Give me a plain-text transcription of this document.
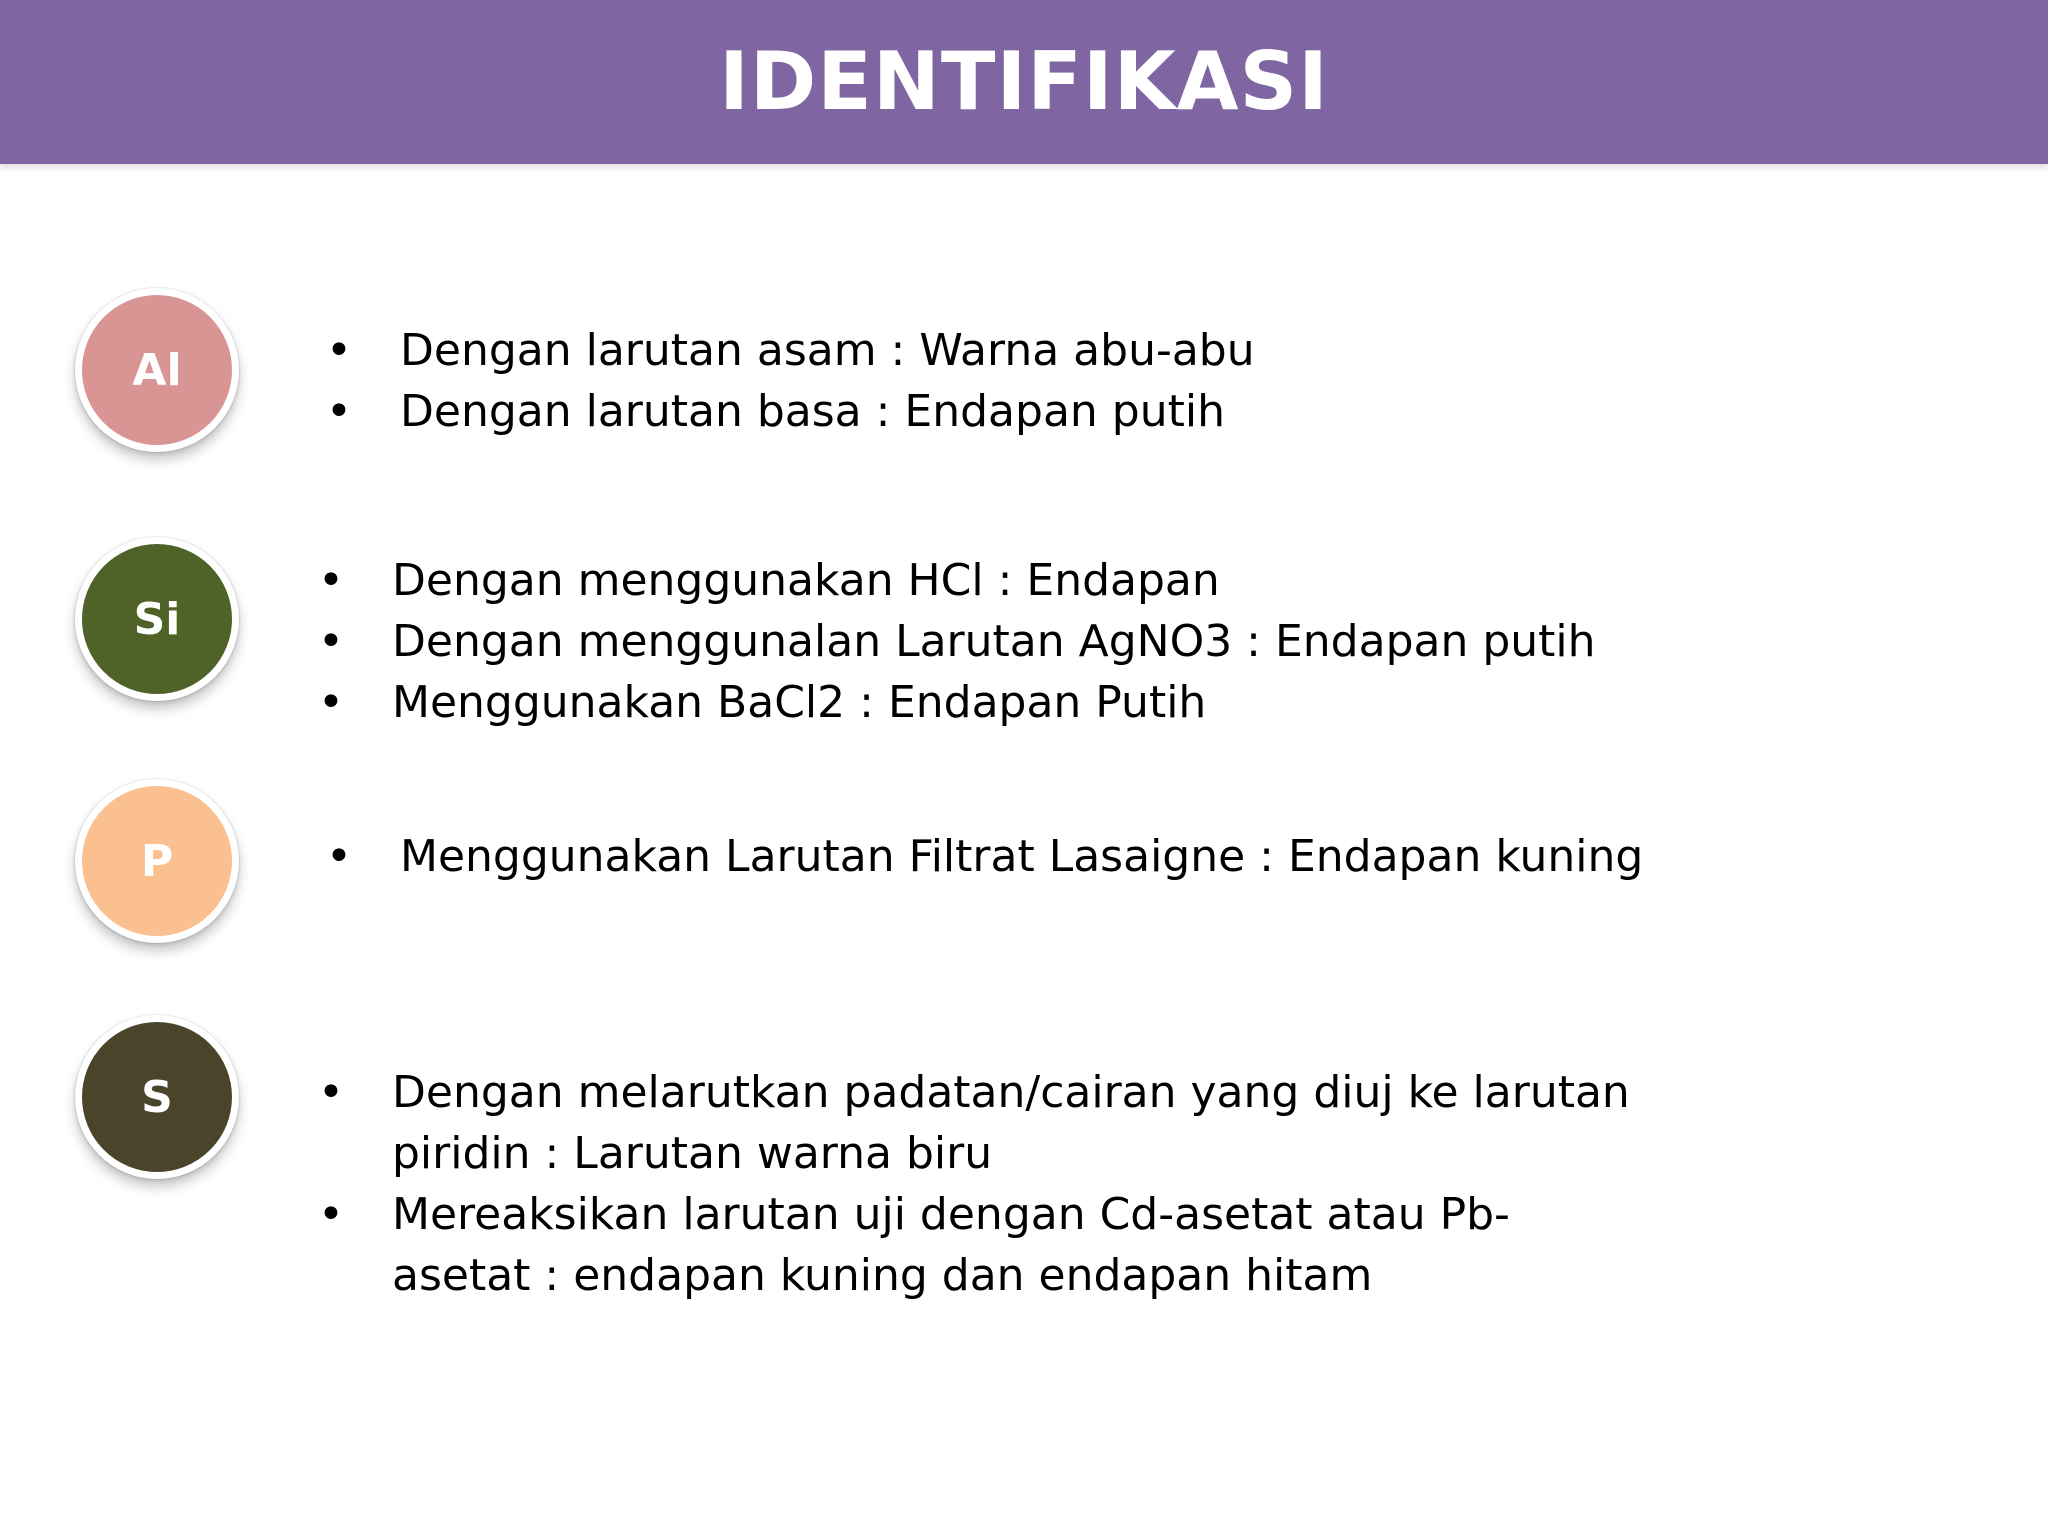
IDENTIFIKASI
Al	• Dengan larutan asam : Warna abu-abu
• Dengan larutan basa : Endapan putih
Si
• Dengan menggunakan HCl : Endapan
• Dengan menggunalan Larutan AgNO3 : Endapan putih
• Menggunakan BaCl2 : Endapan Putih
P	• Menggunakan Larutan Filtrat Lasaigne : Endapan kuning
S	• Dengan melarutkan padatan/cairan yang diuj ke larutan piridin : Larutan warna biru
• Mereaksikan larutan uji dengan Cd-asetat atau Pb-asetat : endapan kuning dan endapan hitam
